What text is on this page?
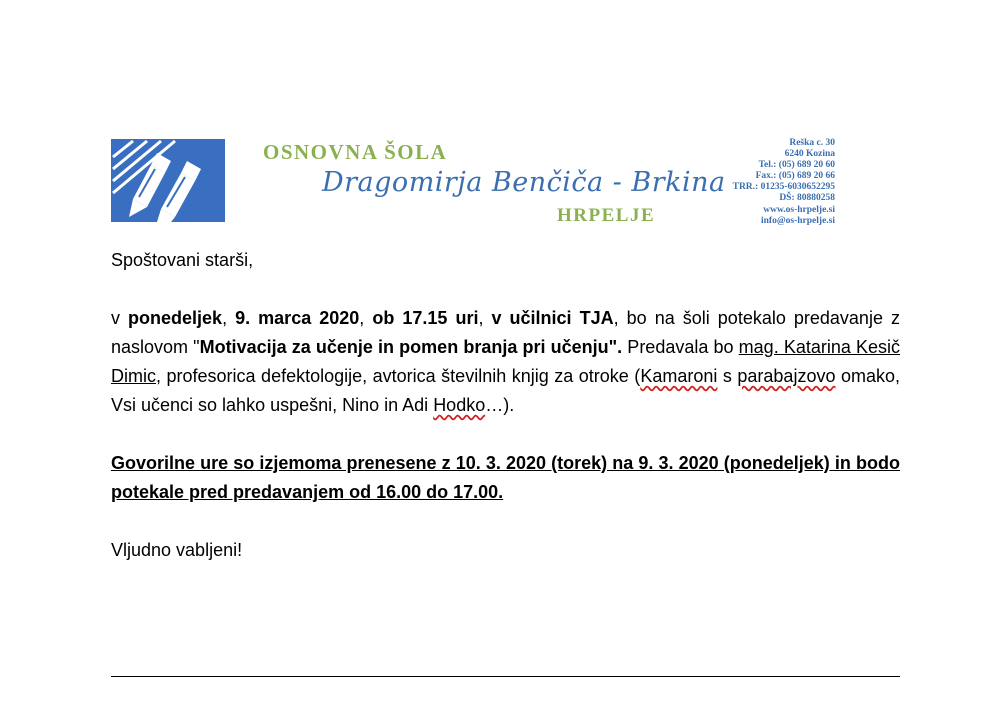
OSNOVNA ŠOLA
Dragomirja Benčiča - Brkina
HRPELJE
Reška c. 30
6240 Kozina
Tel.: (05) 689 20 60
Fax.: (05) 689 20 66
TRR.: 01235-6030652295
DŠ: 80880258
www.os-hrpelje.si
info@os-hrpelje.si

Spoštovani starši,

v ponedeljek, 9. marca 2020, ob 17.15 uri, v učilnici TJA, bo na šoli potekalo predavanje z naslovom "Motivacija za učenje in pomen branja pri učenju". Predavala bo mag. Katarina Kesič Dimic, profesorica defektologije, avtorica številnih knjig za otroke (Kamaroni s parabajzovo omako, Vsi učenci so lahko uspešni, Nino in Adi Hodko…).

Govorilne ure so izjemoma prenesene z 10. 3. 2020 (torek) na 9. 3. 2020 (ponedeljek) in bodo potekale pred predavanjem od 16.00 do 17.00.

Vljudno vabljeni!
